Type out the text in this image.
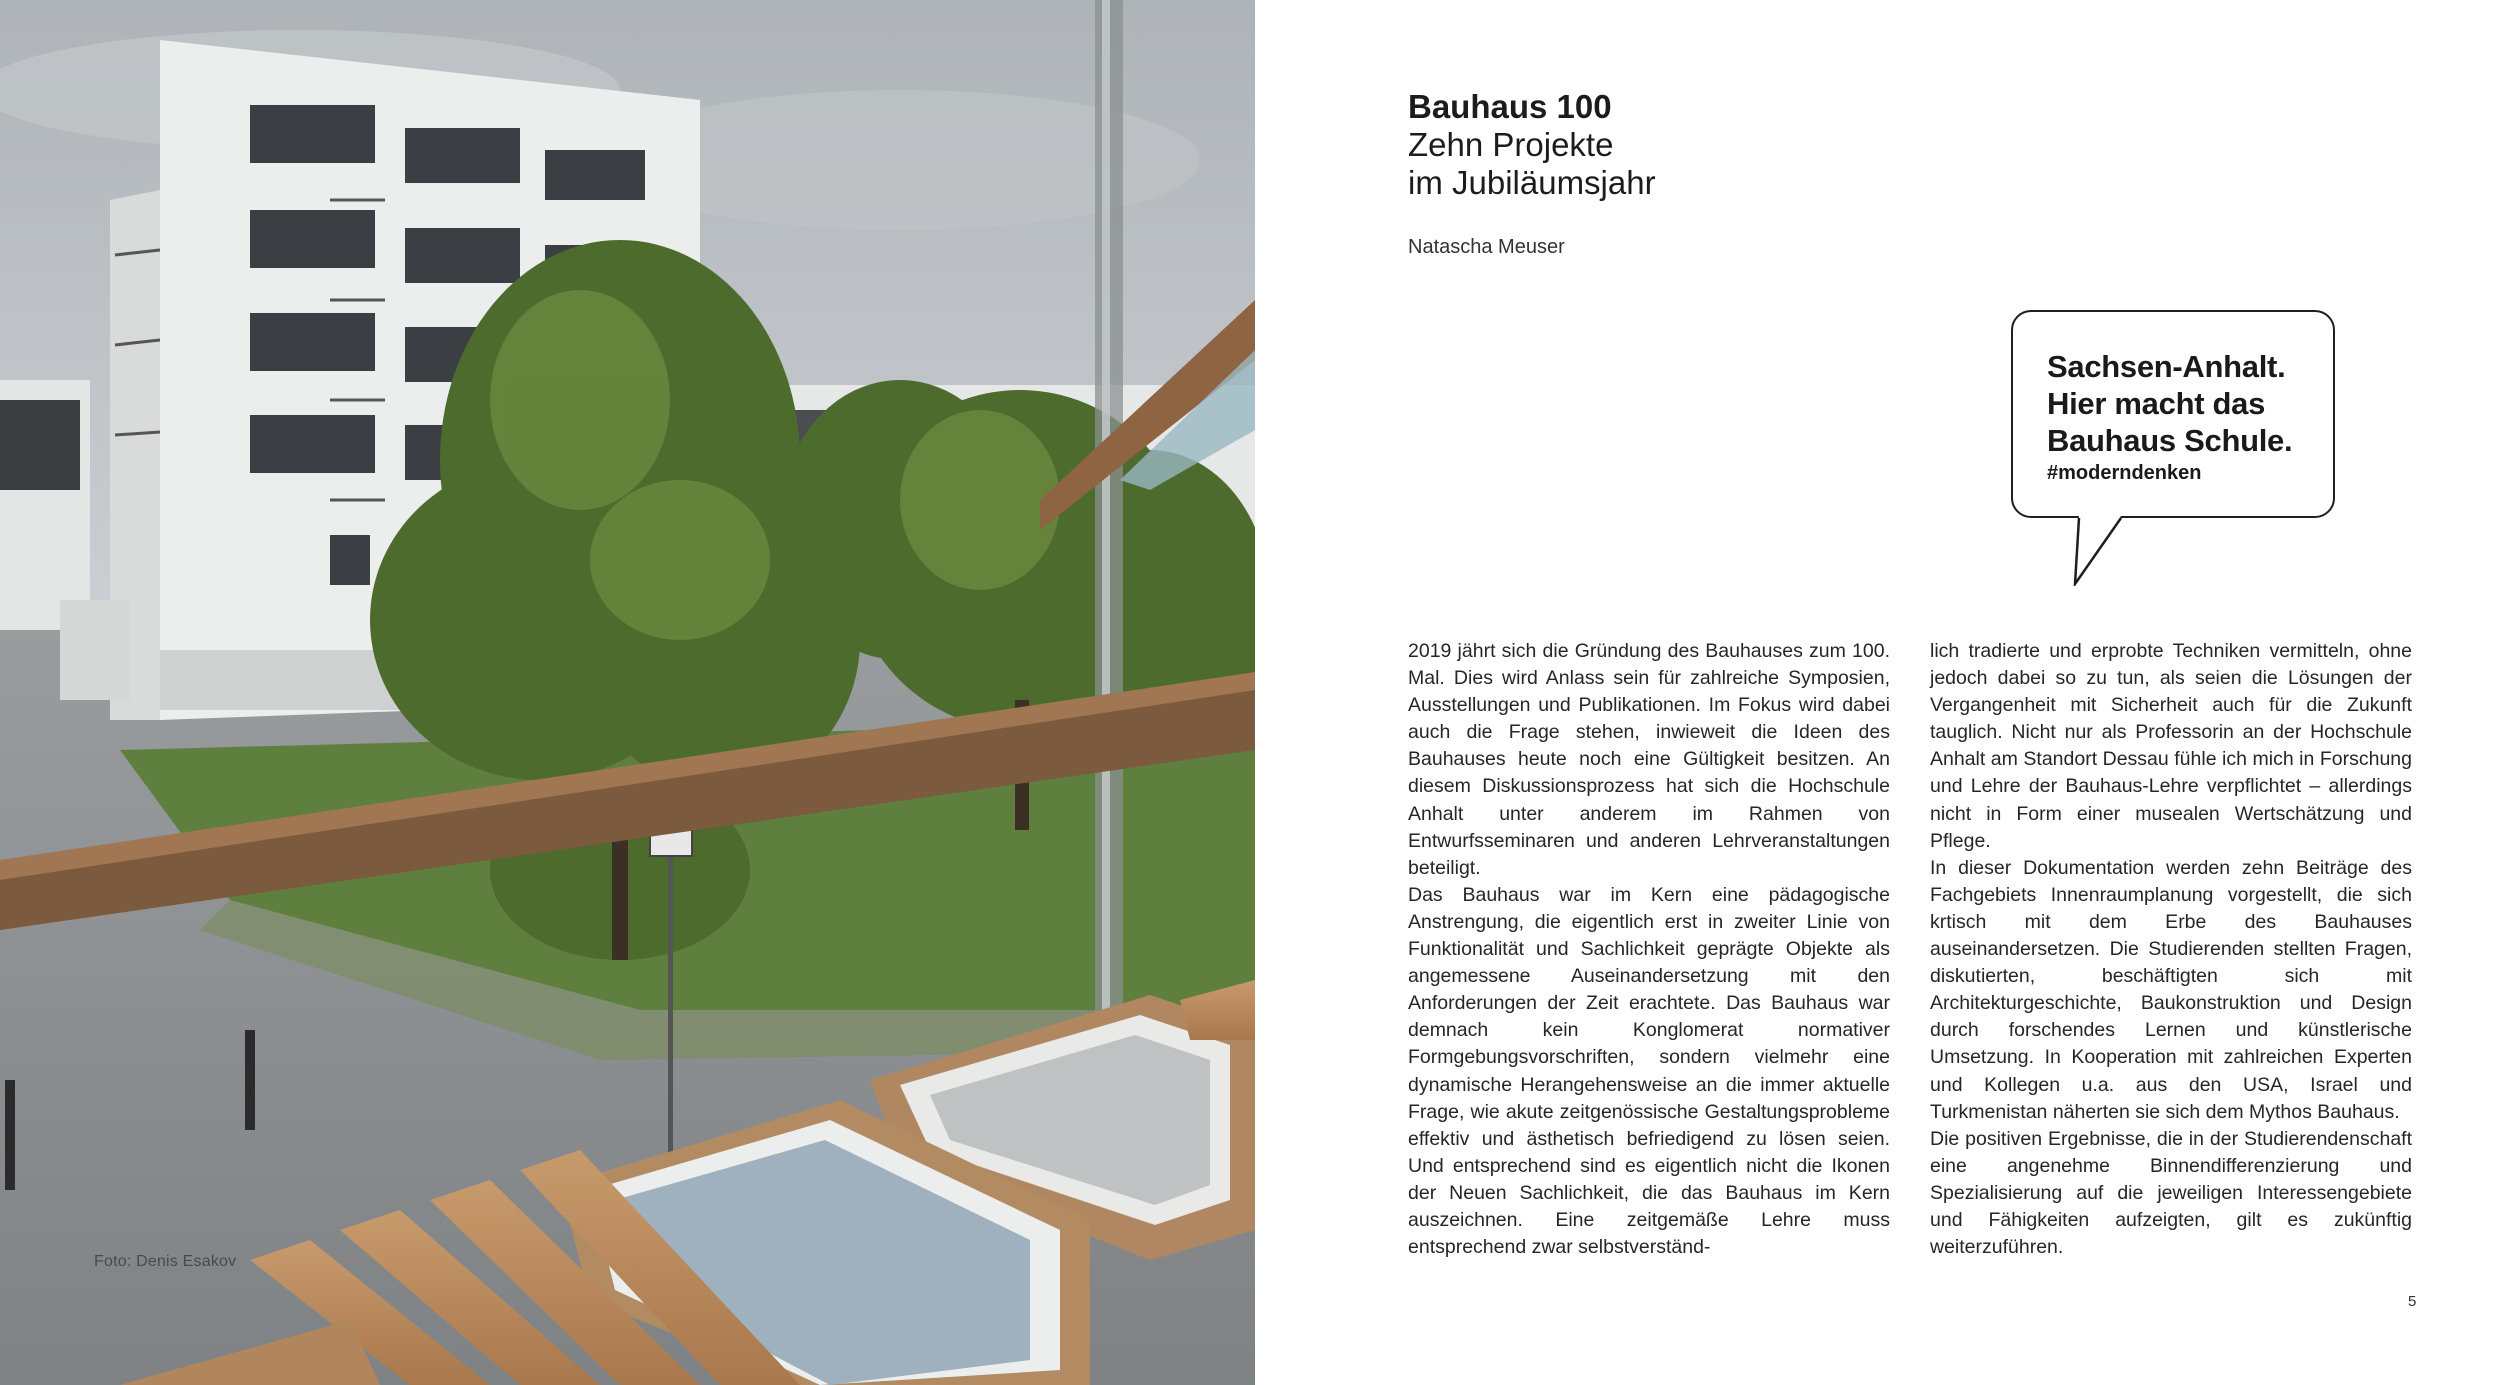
Foto: Denis Esakov
Bauhaus 100
Zehn Projekte
im Jubiläumsjahr
Natascha Meuser
Sachsen-Anhalt.
Hier macht das
Bauhaus Schule.
#moderndenken

2019 jährt sich die Gründung des Bauhauses zum 100. Mal. Dies wird Anlass sein für zahlreiche Symposien, Ausstellungen und Publikationen. Im Fokus wird dabei auch die Frage stehen, inwieweit die Ideen des Bauhauses heute noch eine Gültigkeit besitzen. An diesem Diskussionsprozess hat sich die Hochschule Anhalt unter anderem im Rahmen von Entwurfsseminaren und anderen Lehrveranstaltungen beteiligt.

Das Bauhaus war im Kern eine pädagogische Anstrengung, die eigentlich erst in zweiter Linie von Funktionalität und Sachlichkeit geprägte Objekte als angemessene Auseinandersetzung mit den Anforderungen der Zeit erachtete. Das Bauhaus war demnach kein Konglomerat normativer Formgebungsvorschriften, sondern vielmehr eine dynamische Herangehensweise an die immer aktuelle Frage, wie akute zeitgenössische Gestaltungsprobleme effektiv und ästhetisch befriedigend zu lösen seien. Und entsprechend sind es eigentlich nicht die Ikonen der Neuen Sachlichkeit, die das Bauhaus im Kern auszeichnen. Eine zeitgemäße Lehre muss entsprechend zwar selbstverständ-

lich tradierte und erprobte Techniken vermitteln, ohne jedoch dabei so zu tun, als seien die Lösungen der Vergangenheit mit Sicherheit auch für die Zukunft tauglich. Nicht nur als Professorin an der Hochschule Anhalt am Standort Dessau fühle ich mich in Forschung und Lehre der Bauhaus-Lehre verpflichtet – allerdings nicht in Form einer musealen Wertschätzung und Pflege.

In dieser Dokumentation werden zehn Beiträge des Fachgebiets Innenraumplanung vorgestellt, die sich krtisch mit dem Erbe des Bauhauses auseinandersetzen. Die Studierenden stellten Fragen, diskutierten, beschäftigten sich mit Architekturgeschichte, Baukonstruktion und Design durch forschendes Lernen und künstlerische Umsetzung. In Kooperation mit zahlreichen Experten und Kollegen u.a. aus den USA, Israel und Turkmenistan näherten sie sich dem Mythos Bauhaus.

Die positiven Ergebnisse, die in der Studierendenschaft eine angenehme Binnendifferenzierung und Spezialisierung auf die jeweiligen Interessengebiete und Fähigkeiten aufzeigten, gilt es zukünftig weiterzuführen.

5
